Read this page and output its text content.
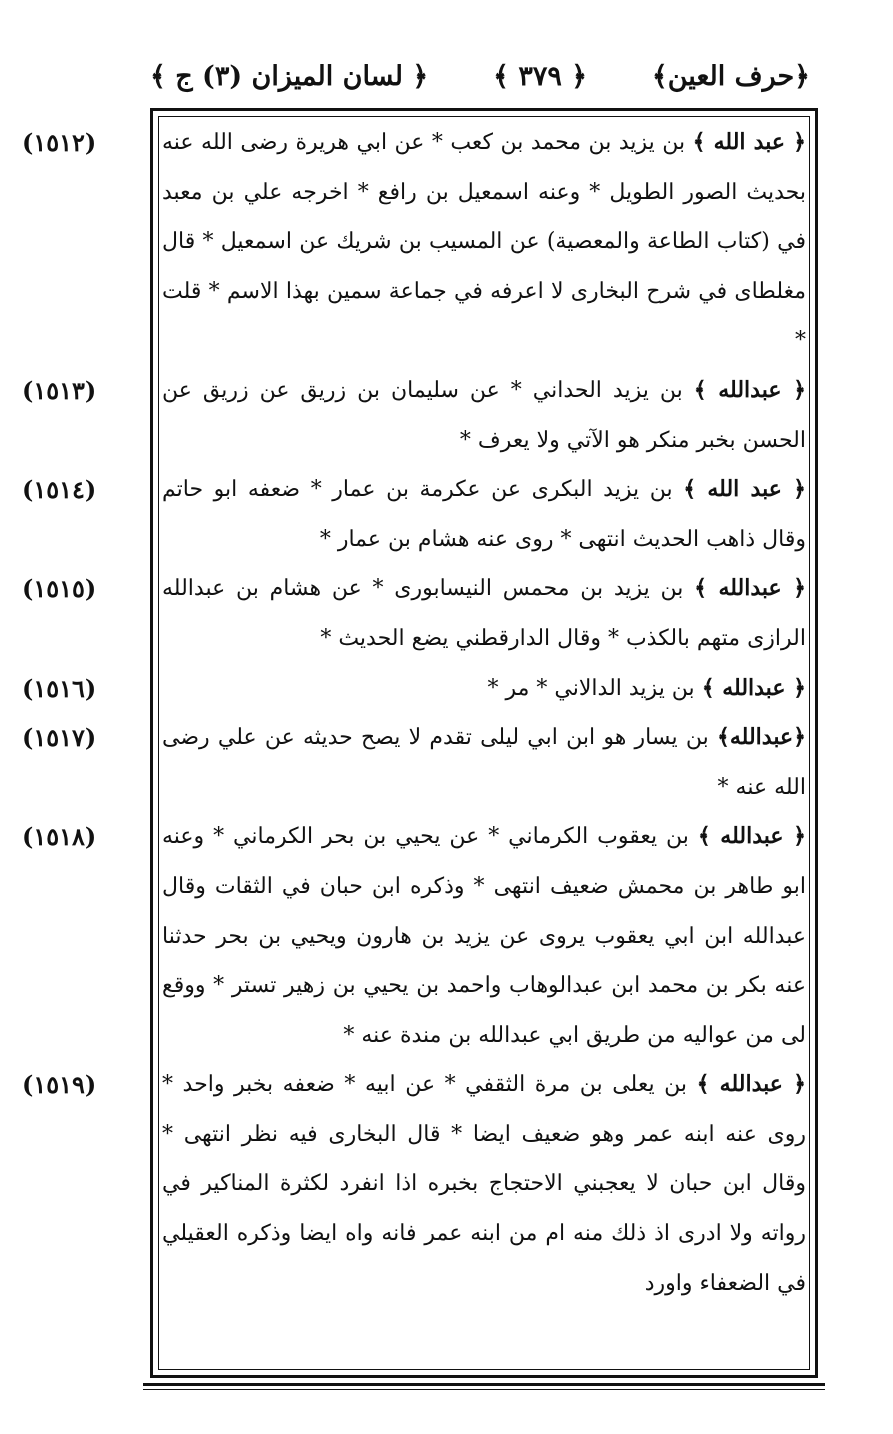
﴿حرف العين﴾
﴿ ٣٧٩ ﴾
﴿ لسان الميزان (٣) ج ﴾

(١٥١٢)	﴿ عبد الله ﴾ بن يزيد بن محمد بن كعب * عن ابي هريرة رضى الله عنه بحديث الصور الطويل * وعنه اسمعيل بن رافع * اخرجه علي بن معبد في (كتاب الطاعة والمعصية) عن المسيب بن شريك عن اسمعيل * قال مغلطاى في شرح البخارى لا اعرفه في جماعة سمين بهذا الاسم * قلت *

(١٥١٣)	﴿ عبدالله ﴾ بن يزيد الحداني * عن سليمان بن زريق عن زريق عن الحسن بخبر منكر هو الآتي ولا يعرف *

(١٥١٤)	﴿ عبد الله ﴾ بن يزيد البكرى عن عكرمة بن عمار * ضعفه ابو حاتم وقال ذاهب الحديث انتهى * روى عنه هشام بن عمار *

(١٥١٥)	﴿ عبدالله ﴾ بن يزيد بن محمس النيسابورى * عن هشام بن عبدالله الرازى متهم بالكذب * وقال الدارقطني يضع الحديث *

(١٥١٦)	﴿ عبدالله ﴾ بن يزيد الدالاني * مر *

(١٥١٧)	﴿عبدالله﴾ بن يسار هو ابن ابي ليلى تقدم لا يصح حديثه عن علي رضى الله عنه *

(١٥١٨)	﴿ عبدالله ﴾ بن يعقوب الكرماني * عن يحيي بن بحر الكرماني * وعنه ابو طاهر بن محمش ضعيف انتهى * وذكره ابن حبان في الثقات وقال عبدالله ابن ابي يعقوب يروى عن يزيد بن هارون ويحيي بن بحر حدثنا عنه بكر بن محمد ابن عبدالوهاب واحمد بن يحيي بن زهير تستر * ووقع لى من عواليه من طريق ابي عبدالله بن مندة عنه *

(١٥١٩)	﴿ عبدالله ﴾ بن يعلى بن مرة الثقفي * عن ابيه * ضعفه بخبر واحد * روى عنه ابنه عمر وهو ضعيف ايضا * قال البخارى فيه نظر انتهى * وقال ابن حبان لا يعجبني الاحتجاج بخبره اذا انفرد لكثرة المناكير في رواته ولا ادرى اذ ذلك منه ام من ابنه عمر فانه واه ايضا وذكره العقيلي في الضعفاء واورد
